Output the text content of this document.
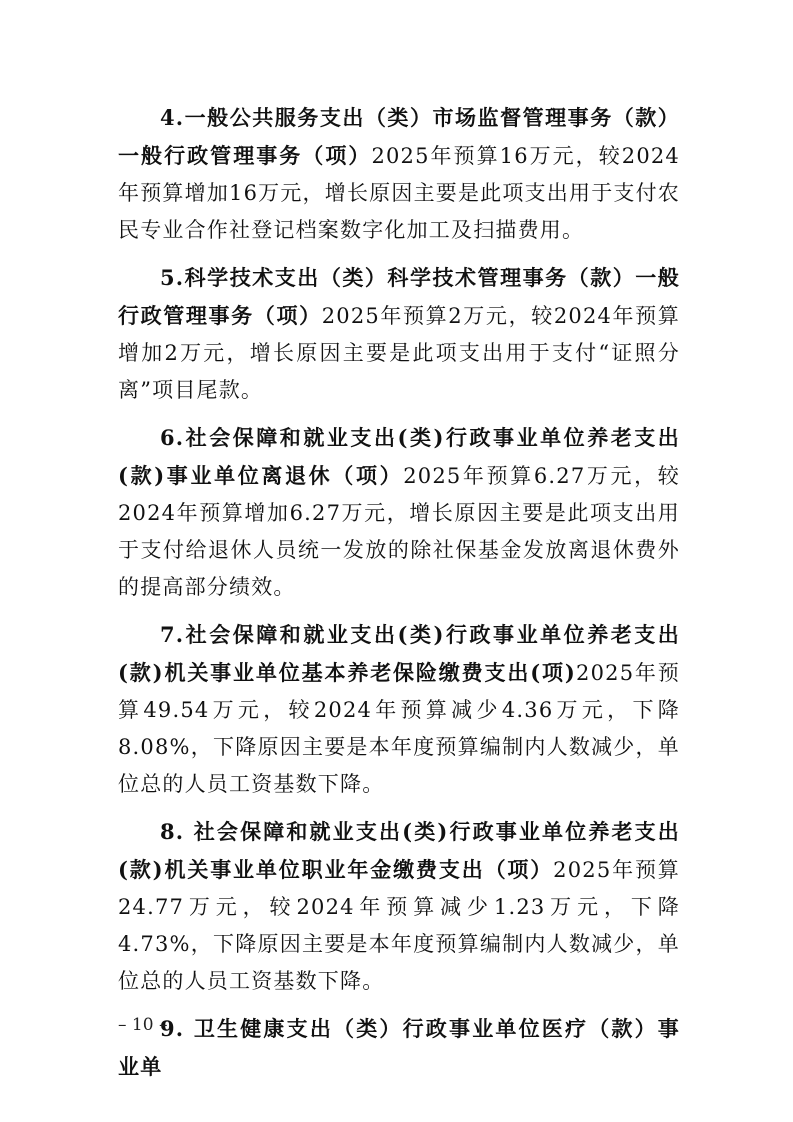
4.一般公共服务支出（类）市场监督管理事务（款）一般行政管理事务（项）2025年预算16万元，较2024年预算增加16万元，增长原因主要是此项支出用于支付农民专业合作社登记档案数字化加工及扫描费用。

5.科学技术支出（类）科学技术管理事务（款）一般行政管理事务（项）2025年预算2万元，较2024年预算增加2万元，增长原因主要是此项支出用于支付“证照分离”项目尾款。

6.社会保障和就业支出(类)行政事业单位养老支出(款)事业单位离退休（项）2025年预算6.27万元，较2024年预算增加6.27万元，增长原因主要是此项支出用于支付给退休人员统一发放的除社保基金发放离退休费外的提高部分绩效。

7.社会保障和就业支出(类)行政事业单位养老支出(款)机关事业单位基本养老保险缴费支出(项)2025年预算49.54万元，较2024年预算减少4.36万元，下降8.08%，下降原因主要是本年度预算编制内人数减少，单位总的人员工资基数下降。

8. 社会保障和就业支出(类)行政事业单位养老支出(款)机关事业单位职业年金缴费支出（项）2025年预算24.77万元，较2024年预算减少1.23万元，下降4.73%，下降原因主要是本年度预算编制内人数减少，单位总的人员工资基数下降。

9. 卫生健康支出（类）行政事业单位医疗（款）事业单

– 10 –
